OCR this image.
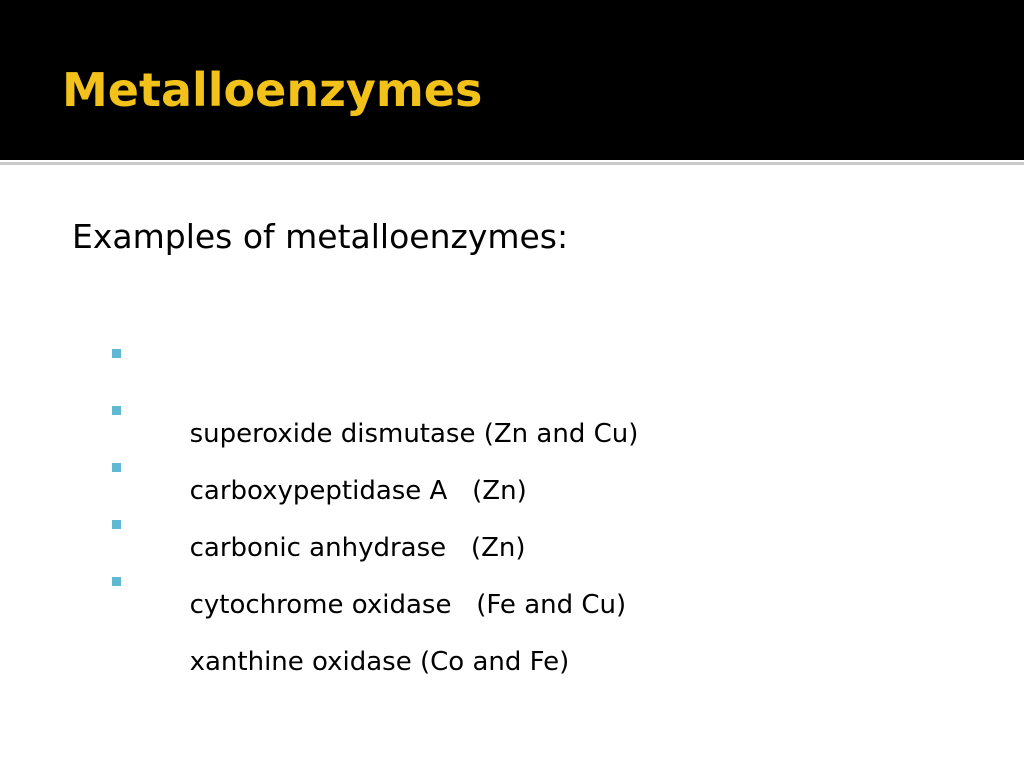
Metalloenzymes

Examples of metalloenzymes:

superoxide dismutase (Zn and Cu)

carboxypeptidase A   (Zn)

carbonic anhydrase   (Zn)

cytochrome oxidase   (Fe and Cu)

xanthine oxidase (Co and Fe)
